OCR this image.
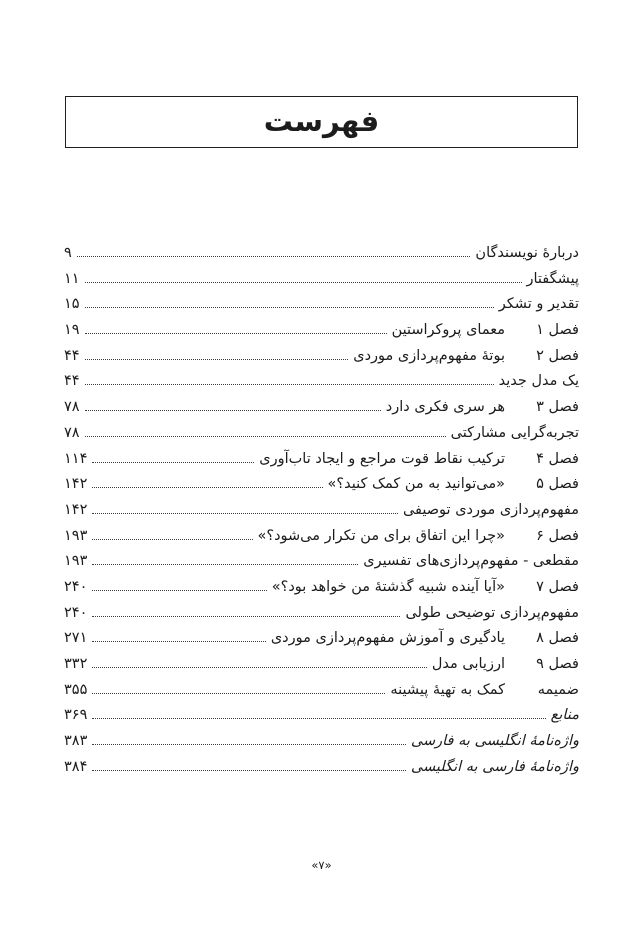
فهرست
دربارۀ نویسندگان
۹
پیشگفتار
۱۱
تقدیر و تشکر
۱۵
فصل ۱
معمای پروکراستین
۱۹
فصل ۲
بوتۀ مفهوم‌پردازی موردی
۴۴
یک مدل جدید
۴۴
فصل ۳
هر سری فکری دارد
۷۸
تجربه‌گرایی مشارکتی
۷۸
فصل ۴
ترکیب نقاط قوت مراجع و ایجاد تاب‌آوری
۱۱۴
فصل ۵
«می‌توانید به من کمک کنید؟»
۱۴۲
مفهوم‌پردازی موردی توصیفی
۱۴۲
فصل ۶
«چرا این اتفاق برای من تکرار می‌شود؟»
۱۹۳
مقطعی - مفهوم‌پردازی‌های تفسیری
۱۹۳
فصل ۷
«آیا آینده شبیه گذشتۀ من خواهد بود؟»
۲۴۰
مفهوم‌پردازی توضیحی طولی
۲۴۰
فصل ۸
یادگیری و آموزش مفهوم‌پردازی موردی
۲۷۱
فصل ۹
ارزیابی مدل
۳۳۲
ضمیمه
کمک به تهیۀ پیشینه
۳۵۵
منابع
۳۶۹
واژه‌نامۀ انگلیسی به فارسی
۳۸۳
واژه‌نامۀ فارسی به انگلیسی
۳۸۴
«۷»
